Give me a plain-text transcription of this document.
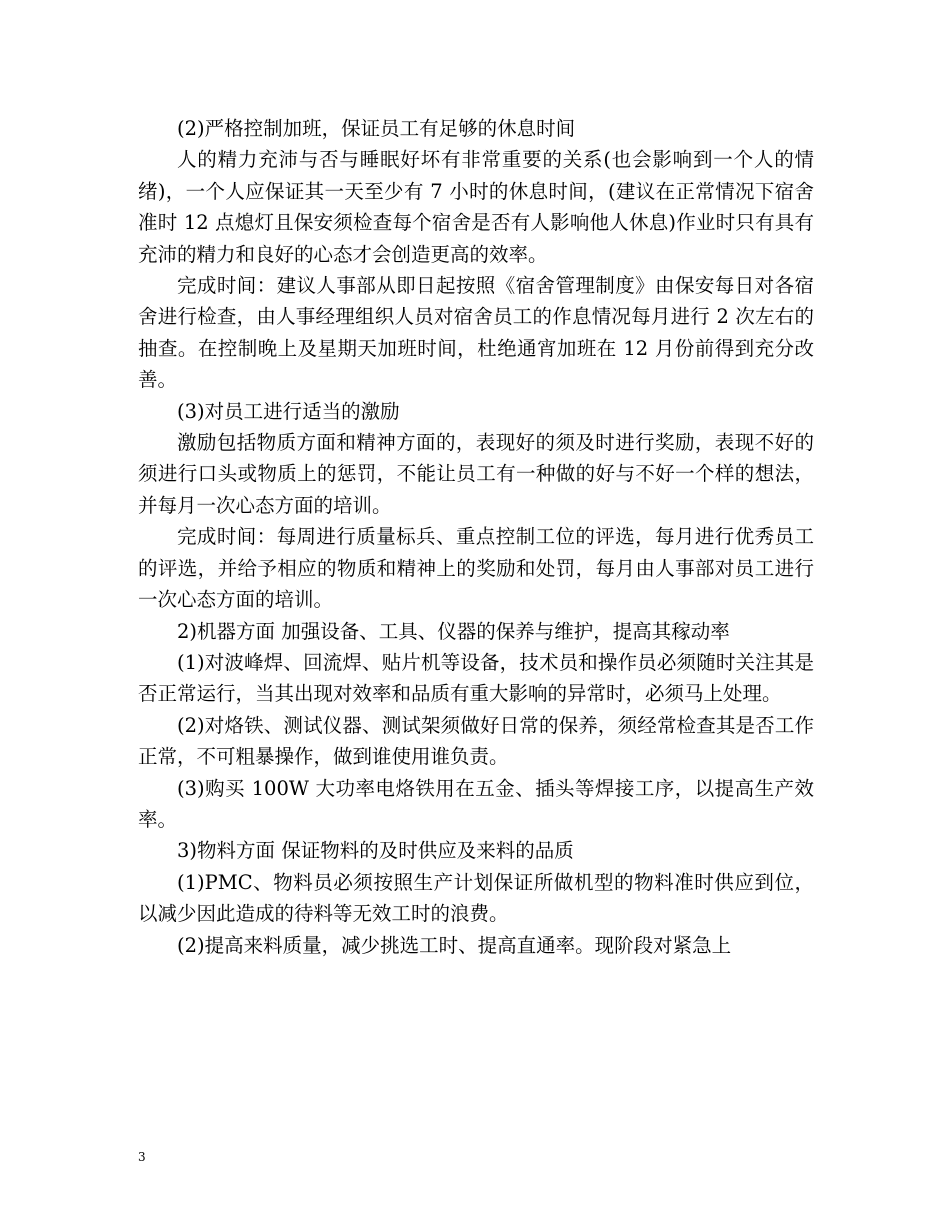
(2)严格控制加班，保证员工有足够的休息时间

人的精力充沛与否与睡眠好坏有非常重要的关系(也会影响到一个人的情绪)，一个人应保证其一天至少有 7 小时的休息时间，(建议在正常情况下宿舍准时 12 点熄灯且保安须检查每个宿舍是否有人影响他人休息)作业时只有具有充沛的精力和良好的心态才会创造更高的效率。

完成时间：建议人事部从即日起按照《宿舍管理制度》由保安每日对各宿舍进行检查，由人事经理组织人员对宿舍员工的作息情况每月进行 2 次左右的抽查。在控制晚上及星期天加班时间，杜绝通宵加班在 12 月份前得到充分改善。

(3)对员工进行适当的激励

激励包括物质方面和精神方面的，表现好的须及时进行奖励，表现不好的须进行口头或物质上的惩罚，不能让员工有一种做的好与不好一个样的想法，并每月一次心态方面的培训。

完成时间：每周进行质量标兵、重点控制工位的评选，每月进行优秀员工的评选，并给予相应的物质和精神上的奖励和处罚，每月由人事部对员工进行一次心态方面的培训。

2)机器方面 加强设备、工具、仪器的保养与维护，提高其稼动率

(1)对波峰焊、回流焊、贴片机等设备，技术员和操作员必须随时关注其是否正常运行，当其出现对效率和品质有重大影响的异常时，必须马上处理。

(2)对烙铁、测试仪器、测试架须做好日常的保养，须经常检查其是否工作正常，不可粗暴操作，做到谁使用谁负责。

(3)购买 100W 大功率电烙铁用在五金、插头等焊接工序，以提高生产效率。

3)物料方面 保证物料的及时供应及来料的品质

(1)PMC、物料员必须按照生产计划保证所做机型的物料准时供应到位，以减少因此造成的待料等无效工时的浪费。

(2)提高来料质量，减少挑选工时、提高直通率。现阶段对紧急上

3
